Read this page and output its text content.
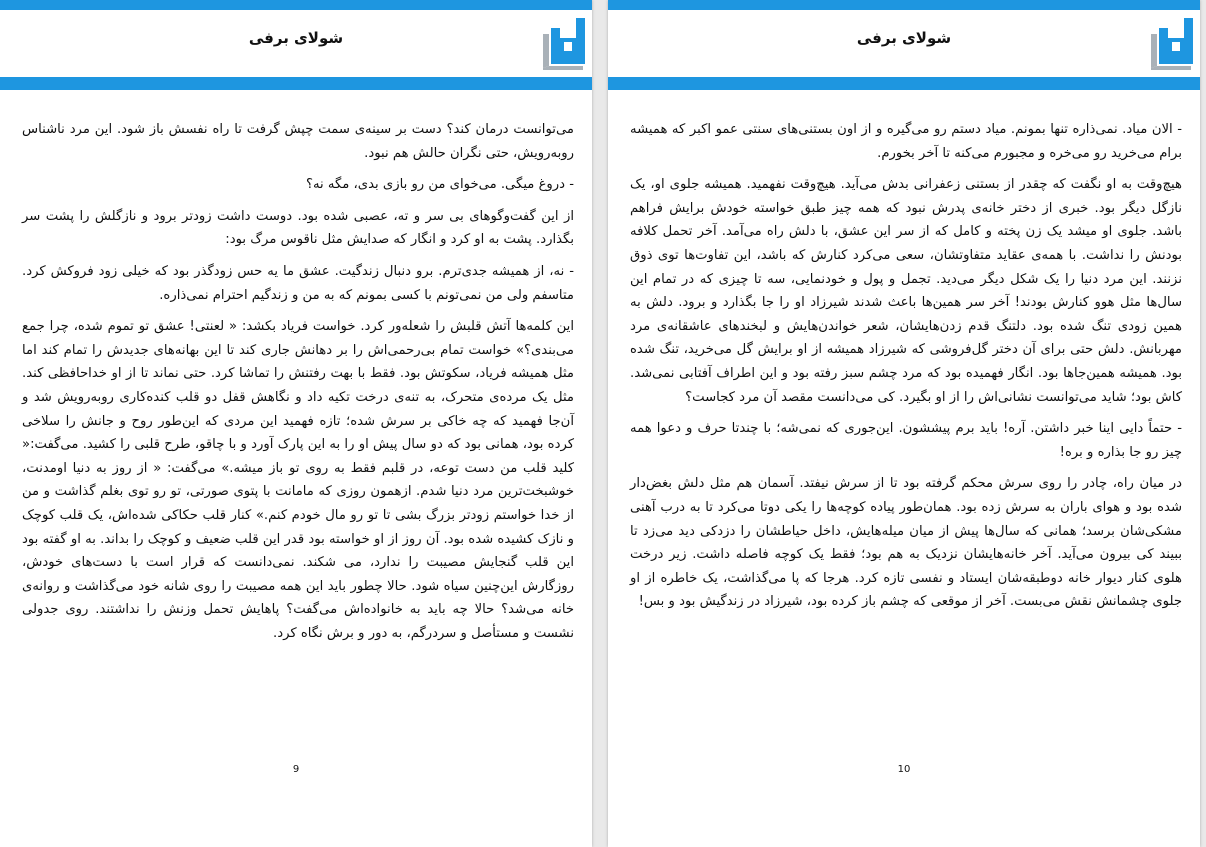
شولای برفی

می‌توانست درمان کند؟ دست بر سینه‌ی سمت چپش گرفت تا راه نفسش باز شود. این مرد ناشناس روبه‌رویش، حتی نگران حالش هم نبود.

- دروغ میگی. می‌خوای من رو بازی بدی، مگه نه؟

از این گفت‌وگوهای بی سر و ته، عصبی شده بود. دوست داشت زودتر برود و نازگلش را پشت سر بگذارد. پشت به او کرد و انگار که صدایش مثل ناقوس مرگ بود:

- نه، از همیشه جدی‌ترم. برو دنبال زندگیت. عشق ما یه حس زودگذر بود که خیلی زود فروکش کرد. متاسفم ولی من نمی‌تونم با کسی بمونم که به من و زندگیم احترام نمی‌ذاره.

این کلمه‌ها آتش قلبش را شعله‌ور کرد. خواست فریاد بکشد: « لعنتی! عشق تو تموم شده، چرا جمع می‌بندی؟» خواست تمام بی‌رحمی‌اش را بر دهانش جاری کند تا این بهانه‌های جدیدش را تمام کند اما مثل همیشه فریاد، سکوتش بود. فقط با بهت رفتنش را تماشا کرد. حتی نماند تا از او خداحافظی کند. مثل یک مرده‌ی متحرک، به تنه‌ی درخت تکیه داد و نگاهش قفل دو قلب کنده‌کاری روبه‌رویش شد و آن‌جا فهمید که چه خاکی بر سرش شده؛ تازه فهمید این مردی که این‌طور روح و جانش را سلاخی کرده بود، همانی بود که دو سال پیش او را به این پارک آورد و با چاقو، طرح قلبی را کشید. می‌گفت:« کلید قلب من دست توعه، در قلبم فقط به روی تو باز میشه.» می‌گفت: « از روز به دنیا اومدنت، خوشبخت‌ترین مرد دنیا شدم. ازهمون روزی که مامانت با پتوی صورتی، تو رو توی بغلم گذاشت و من از خدا خواستم زودتر بزرگ بشی تا تو رو مال خودم کنم.» کنار قلب حکاکی شده‌اش، یک قلب کوچک و نازک کشیده شده بود. آن روز از او خواسته بود قدر این قلب ضعیف و کوچک را بداند. به او گفته بود این قلب گنجایش مصیبت را ندارد، می شکند. نمی‌دانست که قرار است با دست‌های خودش، روزگارش این‌چنین سیاه شود. حالا چطور باید این همه مصیبت را روی شانه خود می‌گذاشت و روانه‌ی خانه می‌شد؟ حالا چه باید به خانواده‌اش می‌گفت؟ پاهایش تحمل وزنش را نداشتند. روی جدولی نشست و مستأصل و سردرگم، به دور و برش نگاه کرد.

9
شولای برفی

- الان میاد. نمی‌ذاره تنها بمونم. میاد دستم رو می‌گیره و از اون بستنی‌های سنتی عمو اکبر که همیشه برام می‌خرید رو می‌خره و مجبورم می‌کنه تا آخر بخورم.

هیچ‌وقت به او نگفت که چقدر از بستنی زعفرانی بدش می‌آید. هیچ‌وقت نفهمید. همیشه جلوی او، یک نازگل دیگر بود. خبری از دختر خانه‌ی پدرش نبود که همه چیز طبق خواسته خودش برایش فراهم باشد. جلوی او میشد یک زن پخته و کامل که از سر این عشق، با دلش راه می‌آمد. آخر تحمل کلافه بودنش را نداشت. با همه‌ی عقاید متفاوتشان، سعی می‌کرد کنارش که باشد، این تفاوت‌ها توی ذوق نزنند. این مرد دنیا را یک شکل دیگر می‌دید. تجمل و پول و خودنمایی، سه تا چیزی که در تمام این سال‌ها مثل هوو کنارش بودند! آخر سر همین‌ها باعث شدند شیرزاد او را جا بگذارد و برود. دلش به همین زودی تنگ شده بود. دلتنگ قدم زدن‌هایشان، شعر خواندن‌هایش و لبخندهای عاشقانه‌ی مرد مهربانش. دلش حتی برای آن دختر گل‌فروشی که شیرزاد همیشه از او برایش گل می‌خرید، تنگ شده بود. همیشه همین‌جاها بود. انگار فهمیده بود که مرد چشم سبز رفته بود و این اطراف آفتابی نمی‌شد. کاش بود؛ شاید می‌توانست نشانی‌اش را از او بگیرد. کی می‌دانست مقصد آن مرد کجاست؟

- حتماً دایی اینا خبر داشتن. آره! باید برم پیششون. این‌جوری که نمی‌شه؛ با چندتا حرف و دعوا همه چیز رو جا بذاره و بره!

در میان راه، چادر را روی سرش محکم گرفته بود تا از سرش نیفتد. آسمان هم مثل دلش بغض‌دار شده بود و هوای باران به سرش زده بود. همان‌طور پیاده کوچه‌ها را یکی دوتا می‌کرد تا به درب آهنی مشکی‌شان برسد؛ همانی که سال‌ها پیش از میان میله‌هایش، داخل حیاطشان را دزدکی دید می‌زد تا ببیند کی بیرون می‌آید. آخر خانه‌هایشان نزدیک به هم بود؛ فقط یک کوچه فاصله داشت. زیر درخت هلوی کنار دیوار خانه دوطبقه‌شان ایستاد و نفسی تازه کرد. هرجا که پا می‌گذاشت، یک خاطره از او جلوی چشمانش نقش می‌بست. آخر از موقعی که چشم باز کرده بود، شیرزاد در زندگیش بود و بس!

10
